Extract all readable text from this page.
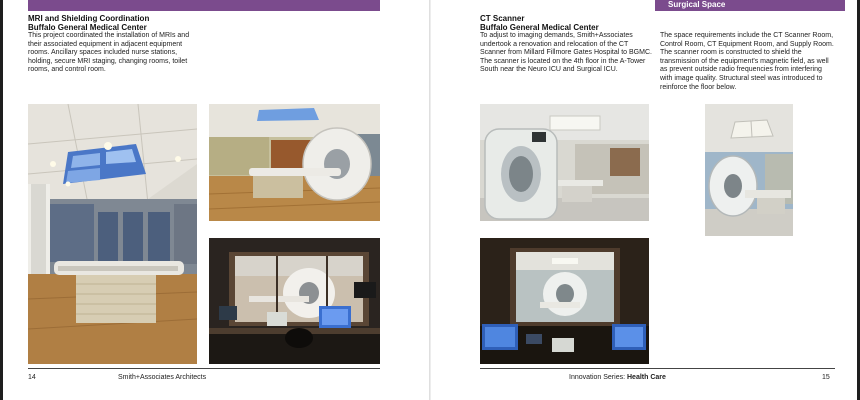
Surgical Space
MRI and Shielding Coordination
Buffalo General Medical Center
This project coordinated the installation of MRIs and
their associated equipment in adjacent equipment
rooms. Ancillary spaces included nurse stations,
holding, secure MRI staging, changing rooms, toilet
rooms, and control room.
CT Scanner
Buffalo General Medical Center
To adjust to imaging demands, Smith+Associates
undertook a renovation and relocation of the CT
Scanner from Millard Fillmore Gates Hospital to BGMC.
The scanner is located on the 4th floor in the A-Tower
South near the Neuro ICU and Surgical ICU.
The space requirements include the CT Scanner Room,
Control Room, CT Equipment Room, and Supply Room.
The scanner room is constructed to shield the
transmission of the equipment's magnetic field, as well
as prevent outside radio frequencies from interfering
with image quality. Structural steel was introduced to
reinforce the floor below.
14	Smith+Associates Architects	Innovation Series: Health Care	15
